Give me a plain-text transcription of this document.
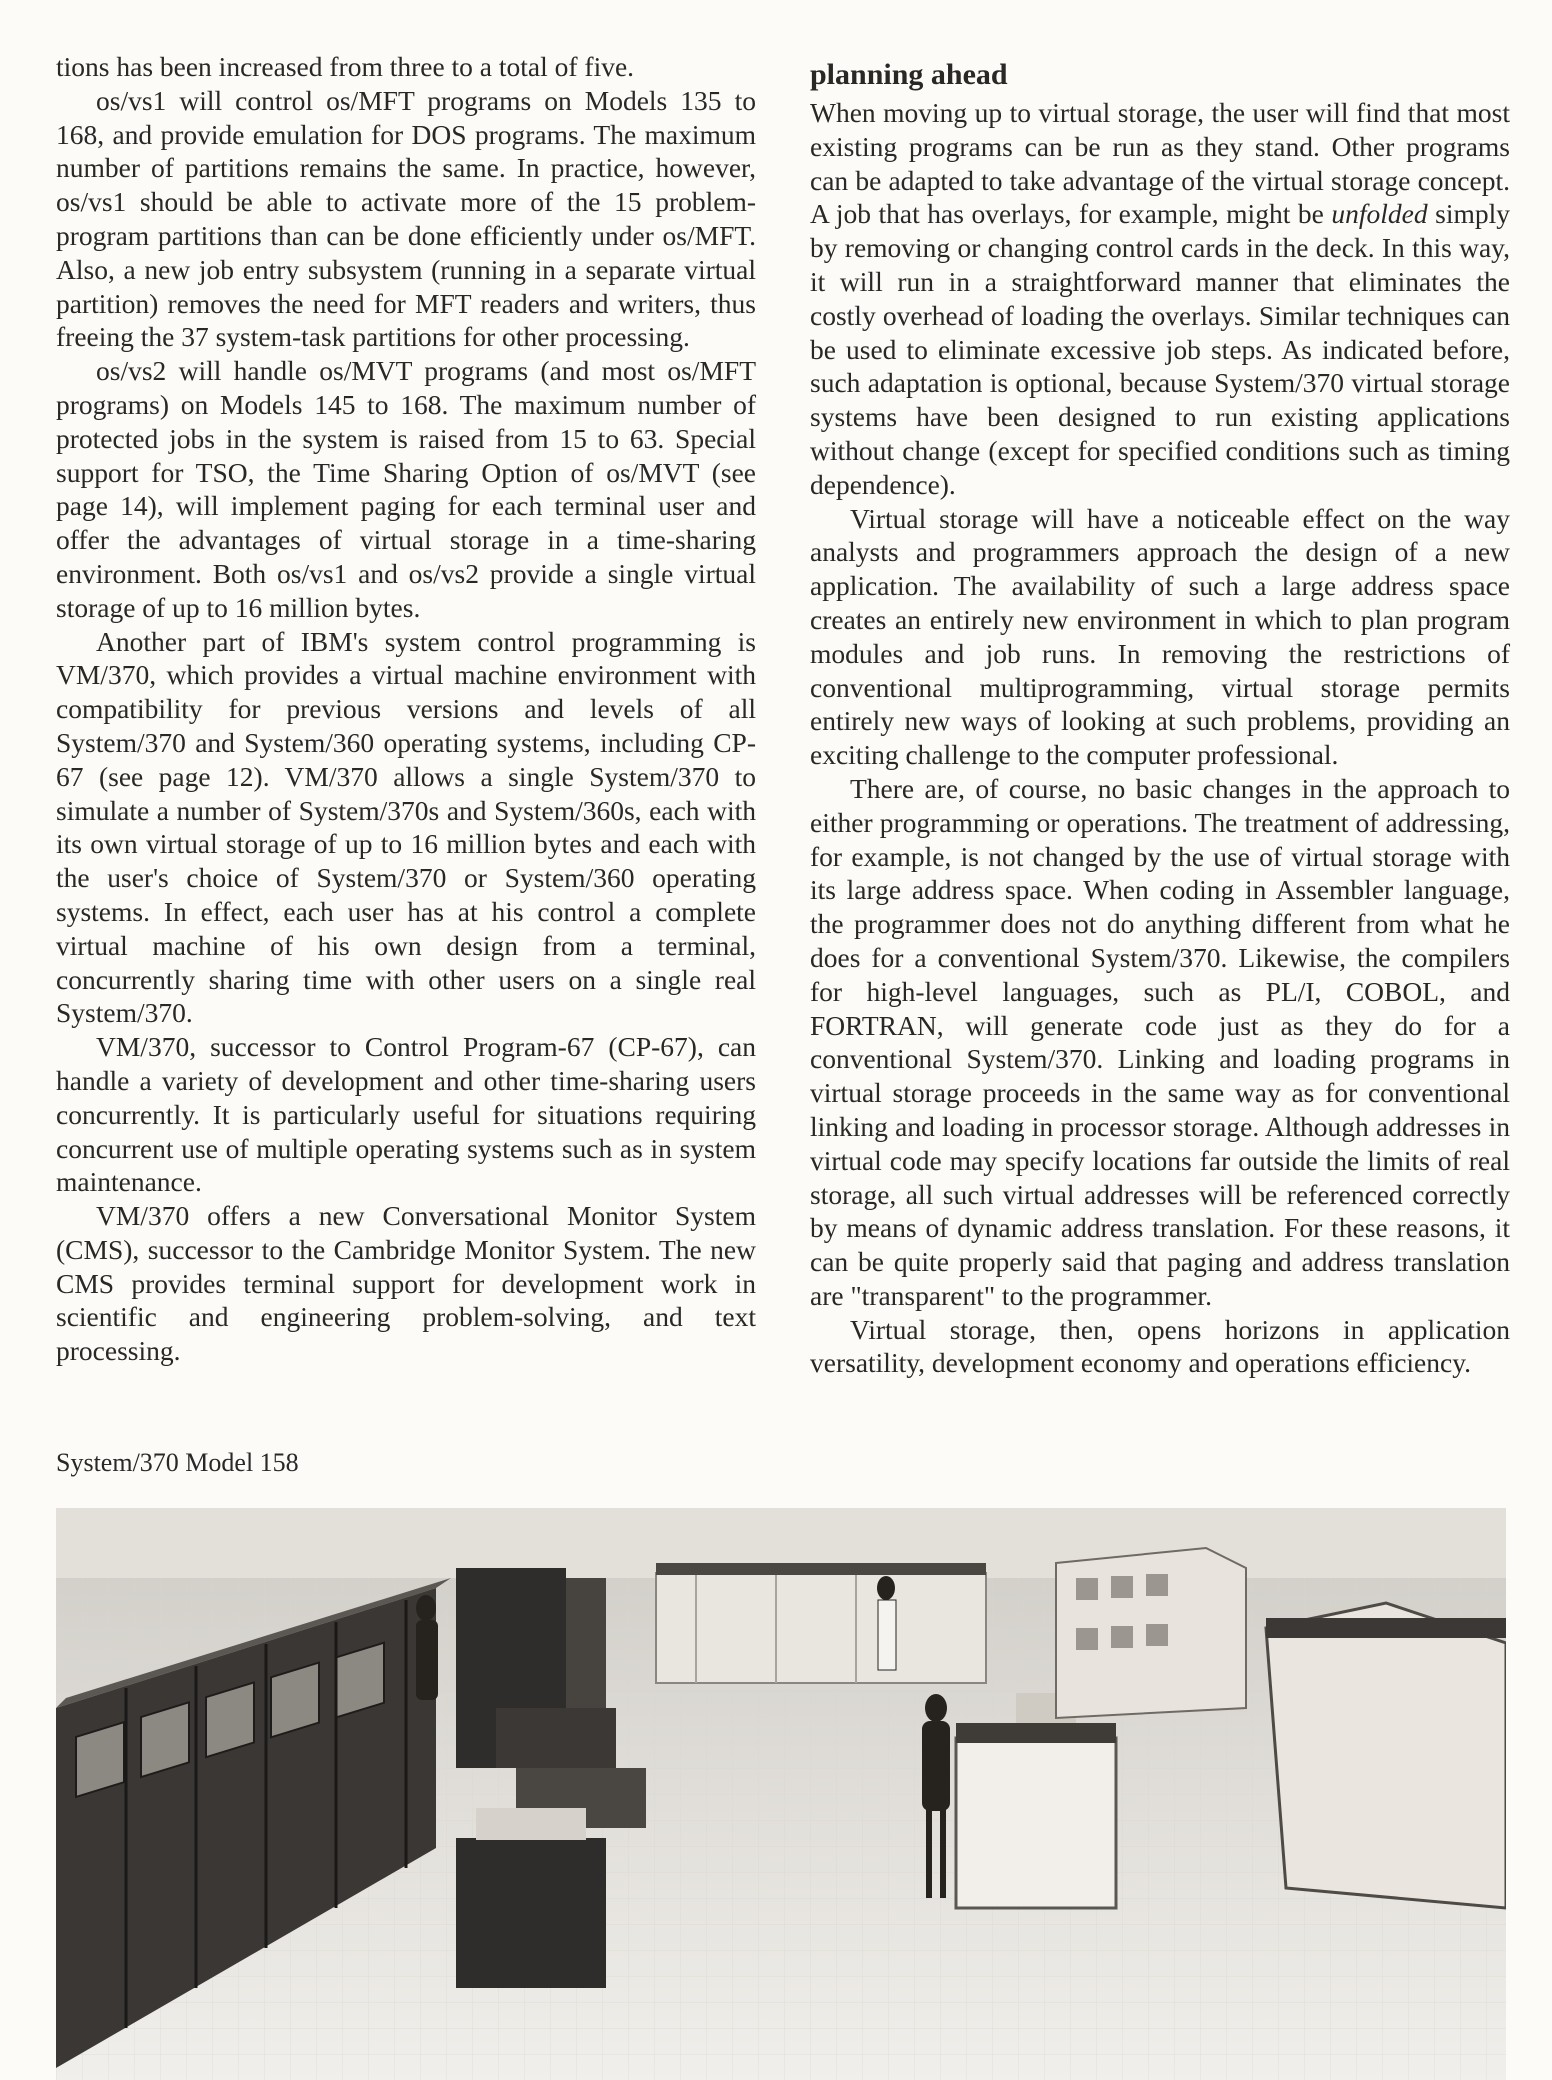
tions has been increased from three to a total of five.

os/vs1 will control os/MFT programs on Models 135 to 168, and provide emulation for DOS programs. The maximum number of partitions remains the same. In practice, however, os/vs1 should be able to activate more of the 15 problem-program partitions than can be done efficiently under os/MFT. Also, a new job entry subsystem (running in a separate virtual partition) removes the need for MFT readers and writers, thus freeing the 37 system-task partitions for other processing.

os/vs2 will handle os/MVT programs (and most os/MFT programs) on Models 145 to 168. The maximum number of protected jobs in the system is raised from 15 to 63. Special support for TSO, the Time Sharing Option of os/MVT (see page 14), will implement paging for each terminal user and offer the advantages of virtual storage in a time-sharing environment. Both os/vs1 and os/vs2 provide a single virtual storage of up to 16 million bytes.

Another part of IBM's system control programming is VM/370, which provides a virtual machine environment with compatibility for previous versions and levels of all System/370 and System/360 operating systems, including CP-67 (see page 12). VM/370 allows a single System/370 to simulate a number of System/370s and System/360s, each with its own virtual storage of up to 16 million bytes and each with the user's choice of System/370 or System/360 operating systems. In effect, each user has at his control a complete virtual machine of his own design from a terminal, concurrently sharing time with other users on a single real System/370.

VM/370, successor to Control Program-67 (CP-67), can handle a variety of development and other time-sharing users concurrently. It is particularly useful for situations requiring concurrent use of multiple operating systems such as in system maintenance.

VM/370 offers a new Conversational Monitor System (CMS), successor to the Cambridge Monitor System. The new CMS provides terminal support for development work in scientific and engineering problem-solving, and text processing.

planning ahead

When moving up to virtual storage, the user will find that most existing programs can be run as they stand. Other programs can be adapted to take advantage of the virtual storage concept. A job that has overlays, for example, might be unfolded simply by removing or changing control cards in the deck. In this way, it will run in a straightforward manner that eliminates the costly overhead of loading the overlays. Similar techniques can be used to eliminate excessive job steps. As indicated before, such adaptation is optional, because System/370 virtual storage systems have been designed to run existing applications without change (except for specified conditions such as timing dependence).

Virtual storage will have a noticeable effect on the way analysts and programmers approach the design of a new application. The availability of such a large address space creates an entirely new environment in which to plan program modules and job runs. In removing the restrictions of conventional multiprogramming, virtual storage permits entirely new ways of looking at such problems, providing an exciting challenge to the computer professional.

There are, of course, no basic changes in the approach to either programming or operations. The treatment of addressing, for example, is not changed by the use of virtual storage with its large address space. When coding in Assembler language, the programmer does not do anything different from what he does for a conventional System/370. Likewise, the compilers for high-level languages, such as PL/I, COBOL, and FORTRAN, will generate code just as they do for a conventional System/370. Linking and loading programs in virtual storage proceeds in the same way as for conventional linking and loading in processor storage. Although addresses in virtual code may specify locations far outside the limits of real storage, all such virtual addresses will be referenced correctly by means of dynamic address translation. For these reasons, it can be quite properly said that paging and address translation are "transparent" to the programmer.

Virtual storage, then, opens horizons in application versatility, development economy and operations efficiency.

System/370 Model 158
